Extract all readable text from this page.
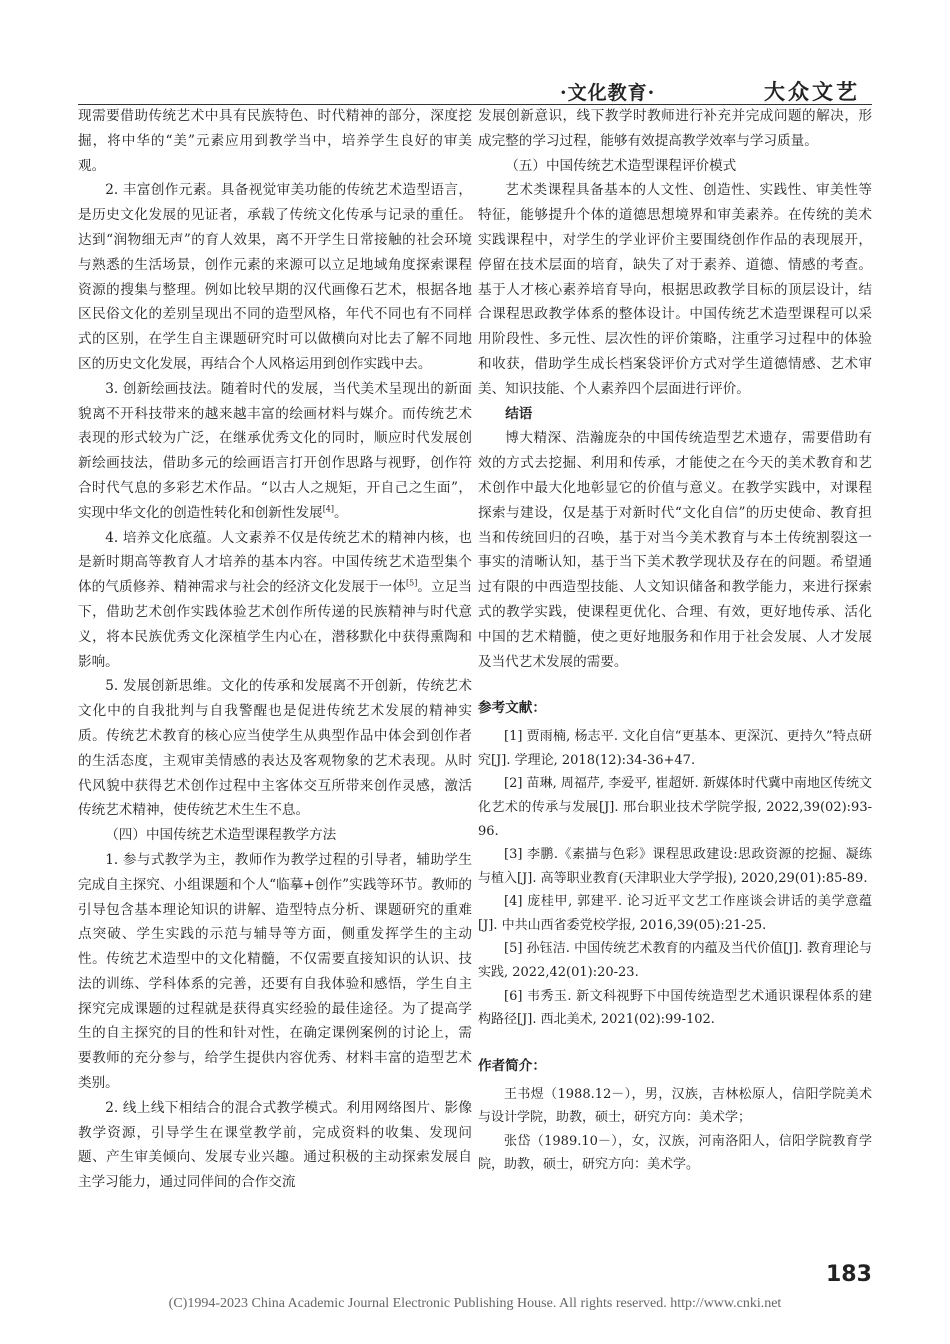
·文化教育·	大众文艺

现需要借助传统艺术中具有民族特色、时代精神的部分，深度挖掘，将中华的“美”元素应用到教学当中，培养学生良好的审美观。

2. 丰富创作元素。具备视觉审美功能的传统艺术造型语言，是历史文化发展的见证者，承载了传统文化传承与记录的重任。达到“润物细无声”的育人效果，离不开学生日常接触的社会环境与熟悉的生活场景，创作元素的来源可以立足地域角度探索课程资源的搜集与整理。例如比较早期的汉代画像石艺术，根据各地区民俗文化的差别呈现出不同的造型风格，年代不同也有不同样式的区别，在学生自主课题研究时可以做横向对比去了解不同地区的历史文化发展，再结合个人风格运用到创作实践中去。

3. 创新绘画技法。随着时代的发展，当代美术呈现出的新面貌离不开科技带来的越来越丰富的绘画材料与媒介。而传统艺术表现的形式较为广泛，在继承优秀文化的同时，顺应时代发展创新绘画技法，借助多元的绘画语言打开创作思路与视野，创作符合时代气息的多彩艺术作品。“以古人之规矩，开自己之生面”，实现中华文化的创造性转化和创新性发展[4]。

4. 培养文化底蕴。人文素养不仅是传统艺术的精神内核，也是新时期高等教育人才培养的基本内容。中国传统艺术造型集个体的气质修养、精神需求与社会的经济文化发展于一体[5]。立足当下，借助艺术创作实践体验艺术创作所传递的民族精神与时代意义，将本民族优秀文化深植学生内心在，潜移默化中获得熏陶和影响。

5. 发展创新思维。文化的传承和发展离不开创新，传统艺术文化中的自我批判与自我警醒也是促进传统艺术发展的精神实质。传统艺术教育的核心应当使学生从典型作品中体会到创作者的生活态度，主观审美情感的表达及客观物象的艺术表现。从时代风貌中获得艺术创作过程中主客体交互所带来创作灵感，激活传统艺术精神，使传统艺术生生不息。

（四）中国传统艺术造型课程教学方法

1. 参与式教学为主，教师作为教学过程的引导者，辅助学生完成自主探究、小组课题和个人“临摹+创作”实践等环节。教师的引导包含基本理论知识的讲解、造型特点分析、课题研究的重难点突破、学生实践的示范与辅导等方面，侧重发挥学生的主动性。传统艺术造型中的文化精髓，不仅需要直接知识的认识、技法的训练、学科体系的完善，还要有自我体验和感悟，学生自主探究完成课题的过程就是获得真实经验的最佳途径。为了提高学生的自主探究的目的性和针对性，在确定课例案例的讨论上，需要教师的充分参与，给学生提供内容优秀、材料丰富的造型艺术类别。

2. 线上线下相结合的混合式教学模式。利用网络图片、影像教学资源，引导学生在课堂教学前，完成资料的收集、发现问题、产生审美倾向、发展专业兴趣。通过积极的主动探索发展自主学习能力，通过同伴间的合作交流

发展创新意识，线下教学时教师进行补充并完成问题的解决，形成完整的学习过程，能够有效提高教学效率与学习质量。

（五）中国传统艺术造型课程评价模式

艺术类课程具备基本的人文性、创造性、实践性、审美性等特征，能够提升个体的道德思想境界和审美素养。在传统的美术实践课程中，对学生的学业评价主要围绕创作作品的表现展开，停留在技术层面的培育，缺失了对于素养、道德、情感的考查。基于人才核心素养培育导向，根据思政教学目标的顶层设计，结合课程思政教学体系的整体设计。中国传统艺术造型课程可以采用阶段性、多元性、层次性的评价策略，注重学习过程中的体验和收获，借助学生成长档案袋评价方式对学生道德情感、艺术审美、知识技能、个人素养四个层面进行评价。

结语

博大精深、浩瀚庞杂的中国传统造型艺术遗存，需要借助有效的方式去挖掘、利用和传承，才能使之在今天的美术教育和艺术创作中最大化地彰显它的价值与意义。在教学实践中，对课程探索与建设，仅是基于对新时代“文化自信”的历史使命、教育担当和传统回归的召唤，基于对当今美术教育与本土传统割裂这一事实的清晰认知，基于当下美术教学现状及存在的问题。希望通过有限的中西造型技能、人文知识储备和教学能力，来进行探索式的教学实践，使课程更优化、合理、有效，更好地传承、活化中国的艺术精髓，使之更好地服务和作用于社会发展、人才发展及当代艺术发展的需要。

参考文献：

[1] 贾雨楠, 杨志平. 文化自信“更基本、更深沉、更持久”特点研究[J]. 学理论, 2018(12):34-36+47.

[2] 苗琳, 周福芹, 李爱平, 崔超妍. 新媒体时代冀中南地区传统文化艺术的传承与发展[J]. 邢台职业技术学院学报, 2022,39(02):93-96.

[3] 李鹏.《素描与色彩》课程思政建设:思政资源的挖掘、凝练与植入[J]. 高等职业教育(天津职业大学学报), 2020,29(01):85-89.

[4] 庞桂甲, 郭建平. 论习近平文艺工作座谈会讲话的美学意蕴[J]. 中共山西省委党校学报, 2016,39(05):21-25.

[5] 孙钰洁. 中国传统艺术教育的内蕴及当代价值[J]. 教育理论与实践, 2022,42(01):20-23.

[6] 韦秀玉. 新文科视野下中国传统造型艺术通识课程体系的建构路径[J]. 西北美术, 2021(02):99-102.

作者简介：

王书煜（1988.12－），男，汉族，吉林松原人，信阳学院美术与设计学院，助教，硕士，研究方向：美术学；

张岱（1989.10－），女，汉族，河南洛阳人，信阳学院教育学院，助教，硕士，研究方向：美术学。

183
(C)1994-2023 China Academic Journal Electronic Publishing House. All rights reserved. http://www.cnki.net
